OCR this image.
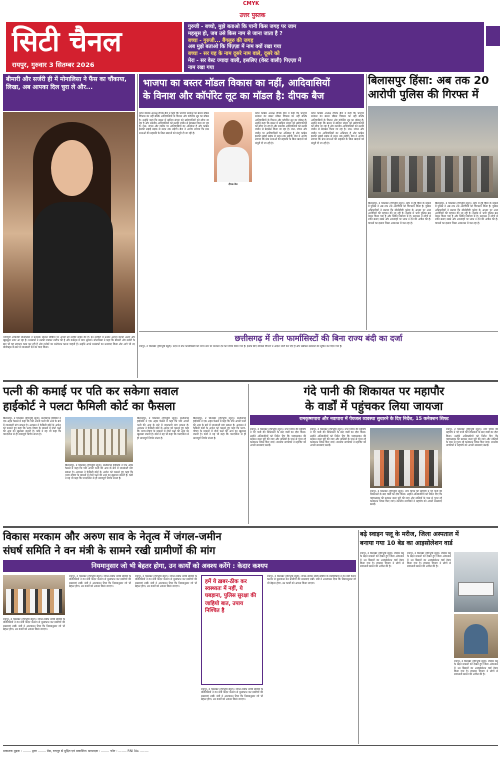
CMYK
उत्तर पुस्तक
सिटी चैनल
रायपुर, गुरुवार 3 सितम्बर 2026
गुरुजी - बच्चो, मुझे बताओ कि पानी किस जगह पर जाम
महसूस हो, जब उसे किस नाम से जाना जाता है ?
बच्चा - गुरुजी... बैंगलुरु की जगह
अब मुझे बताओ कि पिज़्ज़ा में नाम क्यों रखा गया
बच्चा - सर यह के नाम दूसरे नाम वाले, दूसरे को
मेरा - सर वेस्ट ज्यादा वाली, इसलिए (वेस्ट वाली) पिज़्ज़ा में
नाम रखा गया
बीमारी और सर्जरी ही में मोनालिसा ने फैंस का चौंकाया, लिखा, अब आपका दिल चुरा ले और...
भोजपुरी अभिनेत्री मोनालिसा ने प्रशंसक सोशल मीडिया पर अपनी नई तस्वीरें साझा की हैं। इन तस्वीरों में उनका अंदाज काफी अलग और खूबसूरत नजर आ रहा है। प्रशंसकों ने उनकी जमकर तारीफ की है और कमेंट्स में प्यार लुटाया। मोनालिसा ने कहा कि बीमारी और सर्जरी के बाद भी वह लगातार काम कर रही हैं और दर्शकों का मनोरंजन करना चाहती हैं। उन्होंने अपने प्रशंसकों का धन्यवाद किया और आगे भी नए प्रोजेक्ट्स के बारे में जानकारी देने का वादा किया।
भाजपा का बस्तर मॉडल विकास का नहीं, आदिवासियों
के विनाश और कॉर्पोरेट लूट का मॉडल है: दीपक बैज
प्रदेश कांग्रेस अध्यक्ष दीपक बैज ने कहा कि भाजपा सरकार का बस्तर मॉडल विकास का नहीं बल्कि आदिवासियों के विनाश और कॉर्पोरेट लूट का मॉडल है। उन्होंने कहा कि बस्तर में खनिज संपदा को उद्योगपतियों को सौंपा जा रहा है और स्थानीय आदिवासियों को उनकी जमीन से बेदखल किया जा रहा है। जल, जंगल और जमीन पर आदिवासियों का अधिकार है और कांग्रेस इसकी लड़ाई सड़क से सदन तक लड़ेगी। बैज ने आरोप लगाया कि ग्राम सभाओं की सहमति के बिना खदानों को मंजूरी दी जा रही है।
दीपक बैज
प्रदेश कांग्रेस अध्यक्ष दीपक बैज ने कहा कि भाजपा सरकार का बस्तर मॉडल विकास का नहीं बल्कि आदिवासियों के विनाश और कॉर्पोरेट लूट का मॉडल है। उन्होंने कहा कि बस्तर में खनिज संपदा को उद्योगपतियों को सौंपा जा रहा है और स्थानीय आदिवासियों को उनकी जमीन से बेदखल किया जा रहा है। जल, जंगल और जमीन पर आदिवासियों का अधिकार है और कांग्रेस इसकी लड़ाई सड़क से सदन तक लड़ेगी। बैज ने आरोप लगाया कि ग्राम सभाओं की सहमति के बिना खदानों को मंजूरी दी जा रही है।
प्रदेश कांग्रेस अध्यक्ष दीपक बैज ने कहा कि भाजपा सरकार का बस्तर मॉडल विकास का नहीं बल्कि आदिवासियों के विनाश और कॉर्पोरेट लूट का मॉडल है। उन्होंने कहा कि बस्तर में खनिज संपदा को उद्योगपतियों को सौंपा जा रहा है और स्थानीय आदिवासियों को उनकी जमीन से बेदखल किया जा रहा है। जल, जंगल और जमीन पर आदिवासियों का अधिकार है और कांग्रेस इसकी लड़ाई सड़क से सदन तक लड़ेगी। बैज ने आरोप लगाया कि ग्राम सभाओं की सहमति के बिना खदानों को मंजूरी दी जा रही है।
बिलासपुर हिंसा: अब तक 20
आरोपी पुलिस की गिरफ्त में
बिलासपुर, 2 सितम्बर (हरिभूमि न्यूज)। शहर में हुई हिंसा के मामले में पुलिस ने अब तक 20 आरोपियों को गिरफ्तार किया है। पुलिस अधिकारियों ने बताया कि सीसीटीवी फुटेज के आधार पर अन्य आरोपियों की पहचान की जा रही है। इलाके में भारी पुलिस बल तैनात किया गया है और स्थिति नियंत्रण में है। प्रशासन ने लोगों से शांति बनाए रखने और अफवाहों पर ध्यान न देने की अपील की है। घायलों का इलाज जिला अस्पताल में चल रहा है।
बिलासपुर, 2 सितम्बर (हरिभूमि न्यूज)। शहर में हुई हिंसा के मामले में पुलिस ने अब तक 20 आरोपियों को गिरफ्तार किया है। पुलिस अधिकारियों ने बताया कि सीसीटीवी फुटेज के आधार पर अन्य आरोपियों की पहचान की जा रही है। इलाके में भारी पुलिस बल तैनात किया गया है और स्थिति नियंत्रण में है। प्रशासन ने लोगों से शांति बनाए रखने और अफवाहों पर ध्यान न देने की अपील की है। घायलों का इलाज जिला अस्पताल में चल रहा है।
छत्तीसगढ़ में तीन फार्मासिस्टों की बिना राज्य बंदी का दर्जा
रायपुर, 2 सितम्बर (हरिभूमि ब्यूरो)। प्रदेश में तीन फार्मासिस्टों को राज्य स्तर पर मान्यता देने का निर्णय लिया गया है। इसके लिए स्वास्थ्य विभाग ने आदेश जारी कर दिए हैं और संबंधित संस्थानों को सूचित कर दिया गया है।
पत्नी की कमाई पर पति कर सकेगा सवाल
हाईकोर्ट ने पलटा फैमिली कोर्ट का फैसला
बिलासपुर, 2 सितम्बर (हरिभूमि न्यूज)। छत्तीसगढ़ हाईकोर्ट ने एक अहम फैसले में कहा कि पति अपनी पत्नी की आय के बारे में जानकारी मांग सकता है। अदालत ने फैमिली कोर्ट के आदेश को पलटते हुए कहा कि भरण-पोषण के मामलों में दोनों पक्षों की आय का खुलासा जरूरी है। कोर्ट ने यह भी कहा कि पारदर्शिता से ही न्यायपूर्ण निर्णय संभव है।
बिलासपुर, 2 सितम्बर (हरिभूमि न्यूज)। छत्तीसगढ़ हाईकोर्ट ने एक अहम फैसले में कहा कि पति अपनी पत्नी की आय के बारे में जानकारी मांग सकता है। अदालत ने फैमिली कोर्ट के आदेश को पलटते हुए कहा कि भरण-पोषण के मामलों में दोनों पक्षों की आय का खुलासा जरूरी है। कोर्ट ने यह भी कहा कि पारदर्शिता से ही न्यायपूर्ण निर्णय संभव है।
बिलासपुर, 2 सितम्बर (हरिभूमि न्यूज)। छत्तीसगढ़ हाईकोर्ट ने एक अहम फैसले में कहा कि पति अपनी पत्नी की आय के बारे में जानकारी मांग सकता है। अदालत ने फैमिली कोर्ट के आदेश को पलटते हुए कहा कि भरण-पोषण के मामलों में दोनों पक्षों की आय का खुलासा जरूरी है। कोर्ट ने यह भी कहा कि पारदर्शिता से ही न्यायपूर्ण निर्णय संभव है।
बिलासपुर, 2 सितम्बर (हरिभूमि न्यूज)। छत्तीसगढ़ हाईकोर्ट ने एक अहम फैसले में कहा कि पति अपनी पत्नी की आय के बारे में जानकारी मांग सकता है। अदालत ने फैमिली कोर्ट के आदेश को पलटते हुए कहा कि भरण-पोषण के मामलों में दोनों पक्षों की आय का खुलासा जरूरी है। कोर्ट ने यह भी कहा कि पारदर्शिता से ही न्यायपूर्ण निर्णय संभव है।
गंदे पानी की शिकायत पर महापौर
के वार्डों में पहुंचकर लिया जायजा
रामकृष्णपारा और नवापारा में पेयजल व्यवस्था सुधारने के दिए निर्देश, 15 कनेक्शन शिफ्ट
रायपुर, 2 सितम्बर (हरिभूमि न्यूज)। नगर निगम की महापौर ने गंदे पानी की शिकायतों के बाद वार्डों का दौरा किया। उन्होंने अधिकारियों को निर्देश दिए कि पाइपलाइन की मरम्मत जल्द पूरी की जाए और नालियों के पास से गुजर रहे कनेक्शन शिफ्ट किए जाएं। स्थानीय नागरिकों ने महापौर को अपनी समस्याएं बताईं।
रायपुर, 2 सितम्बर (हरिभूमि न्यूज)। नगर निगम की महापौर ने गंदे पानी की शिकायतों के बाद वार्डों का दौरा किया। उन्होंने अधिकारियों को निर्देश दिए कि पाइपलाइन की मरम्मत जल्द पूरी की जाए और नालियों के पास से गुजर रहे कनेक्शन शिफ्ट किए जाएं। स्थानीय नागरिकों ने महापौर को अपनी समस्याएं बताईं।
रायपुर, 2 सितम्बर (हरिभूमि न्यूज)। नगर निगम की महापौर ने गंदे पानी की शिकायतों के बाद वार्डों का दौरा किया। उन्होंने अधिकारियों को निर्देश दिए कि पाइपलाइन की मरम्मत जल्द पूरी की जाए और नालियों के पास से गुजर रहे कनेक्शन शिफ्ट किए जाएं। स्थानीय नागरिकों ने महापौर को अपनी समस्याएं बताईं।
रायपुर, 2 सितम्बर (हरिभूमि न्यूज)। नगर निगम की महापौर ने गंदे पानी की शिकायतों के बाद वार्डों का दौरा किया। उन्होंने अधिकारियों को निर्देश दिए कि पाइपलाइन की मरम्मत जल्द पूरी की जाए और नालियों के पास से गुजर रहे कनेक्शन शिफ्ट किए जाएं। स्थानीय नागरिकों ने महापौर को अपनी समस्याएं बताईं।
विकास मरकाम और अरुण साव के नेतृत्व में जंगल-जमीन
संघर्ष समिति ने वन मंत्री के सामने रखी ग्रामीणों की मांग
नियमानुसार जो भी बेहतर होगा, उन कार्यों को अवश्य करेंगे : केदार कश्यप
रायपुर, 2 सितम्बर (हरिभूमि ब्यूरो)। जंगल-जमीन संघर्ष समिति के प्रतिनिधियों ने वन मंत्री केदार कश्यप से मुलाकात कर ग्रामीणों की समस्याएं रखीं। मंत्री ने आश्वासन दिया कि नियमानुसार जो भी बेहतर होगा, उन कार्यों को अवश्य किया जाएगा।
रायपुर, 2 सितम्बर (हरिभूमि ब्यूरो)। जंगल-जमीन संघर्ष समिति के प्रतिनिधियों ने वन मंत्री केदार कश्यप से मुलाकात कर ग्रामीणों की समस्याएं रखीं। मंत्री ने आश्वासन दिया कि नियमानुसार जो भी बेहतर होगा, उन कार्यों को अवश्य किया जाएगा।
रायपुर, 2 सितम्बर (हरिभूमि ब्यूरो)। जंगल-जमीन संघर्ष समिति के प्रतिनिधियों ने वन मंत्री केदार कश्यप से मुलाकात कर ग्रामीणों की समस्याएं रखीं। मंत्री ने आश्वासन दिया कि नियमानुसार जो भी बेहतर होगा, उन कार्यों को अवश्य किया जाएगा।
हमें ये ख़बर-ठीक कर स्वस्थ्यतः में नहीं, ये घबड़ाना, पुलिस सुरक्षा की जाहियो बात, उपाय निश्चित है
रायपुर, 2 सितम्बर (हरिभूमि ब्यूरो)। जंगल-जमीन संघर्ष समिति के प्रतिनिधियों ने वन मंत्री केदार कश्यप से मुलाकात कर ग्रामीणों की समस्याएं रखीं। मंत्री ने आश्वासन दिया कि नियमानुसार जो भी बेहतर होगा, उन कार्यों को अवश्य किया जाएगा।
रायपुर, 2 सितम्बर (हरिभूमि ब्यूरो)। जंगल-जमीन संघर्ष समिति के प्रतिनिधियों ने वन मंत्री केदार कश्यप से मुलाकात कर ग्रामीणों की समस्याएं रखीं। मंत्री ने आश्वासन दिया कि नियमानुसार जो भी बेहतर होगा, उन कार्यों को अवश्य किया जाएगा।
बढ़े स्वाइन फ्लू के मरीज, जिला अस्पताल में
बनाया गया 10 बेड का आइसोलेशन वार्ड
रायपुर, 2 सितम्बर (हरिभूमि न्यूज)। स्वाइन फ्लू के बढ़ते मामलों को देखते हुए जिला अस्पताल में 10 बिस्तरों का आइसोलेशन वार्ड तैयार किया गया है। स्वास्थ्य विभाग ने लोगों से सावधानी बरतने की अपील की है।
रायपुर, 2 सितम्बर (हरिभूमि न्यूज)। स्वाइन फ्लू के बढ़ते मामलों को देखते हुए जिला अस्पताल में 10 बिस्तरों का आइसोलेशन वार्ड तैयार किया गया है। स्वास्थ्य विभाग ने लोगों से सावधानी बरतने की अपील की है।
रायपुर, 2 सितम्बर (हरिभूमि न्यूज)। स्वाइन फ्लू के बढ़ते मामलों को देखते हुए जिला अस्पताल में 10 बिस्तरों का आइसोलेशन वार्ड तैयार किया गया है। स्वास्थ्य विभाग ने लोगों से सावधानी बरतने की अपील की है।
प्रकाशक मुद्रक : ........ द्वारा ........ प्रेस, रायपुर से मुद्रित एवं प्रकाशित। सम्पादक : ........ फोन : ........ RNI No. ........
